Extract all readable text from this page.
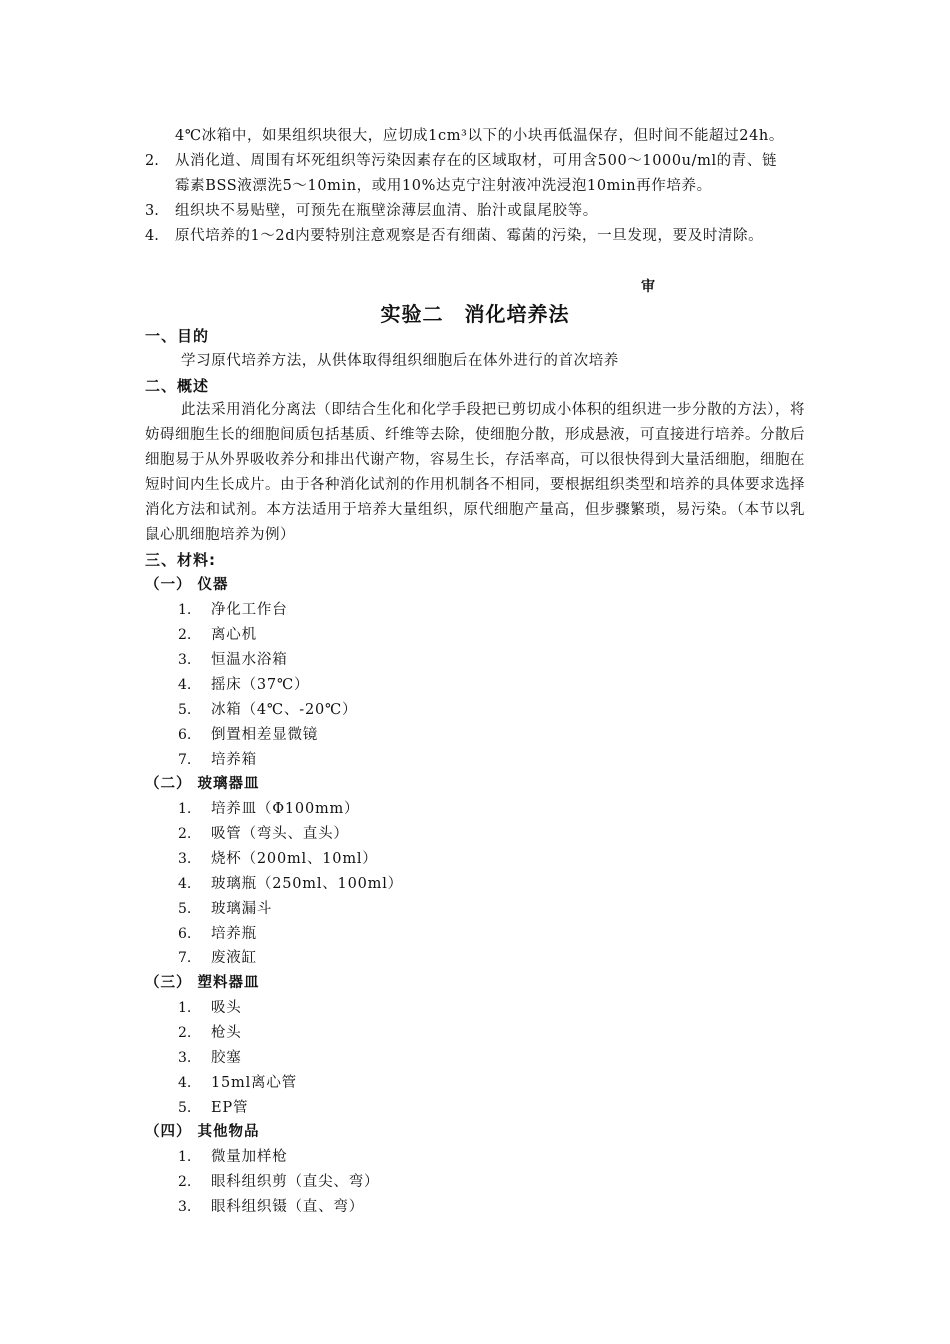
4℃冰箱中，如果组织块很大，应切成1cm³以下的小块再低温保存，但时间不能超过24h。
2. 从消化道、周围有坏死组织等污染因素存在的区域取材，可用含500～1000u/ml的青、链
霉素BSS液漂洗5～10min，或用10%达克宁注射液冲洗浸泡10min再作培养。
3. 组织块不易贴壁，可预先在瓶壁涂薄层血清、胎汁或鼠尾胶等。
4. 原代培养的1～2d内要特别注意观察是否有细菌、霉菌的污染，一旦发现，要及时清除。
审
实验二　消化培养法
一、目的
学习原代培养方法，从供体取得组织细胞后在体外进行的首次培养
二、概述
此法采用消化分离法（即结合生化和化学手段把已剪切成小体积的组织进一步分散的方法），将妨碍细胞生长的细胞间质包括基质、纤维等去除，使细胞分散，形成悬液，可直接进行培养。分散后细胞易于从外界吸收养分和排出代谢产物，容易生长，存活率高，可以很快得到大量活细胞，细胞在短时间内生长成片。由于各种消化试剂的作用机制各不相同，要根据组织类型和培养的具体要求选择消化方法和试剂。本方法适用于培养大量组织，原代细胞产量高，但步骤繁琐，易污染。（本节以乳鼠心肌细胞培养为例）
三、材料:
（一） 仪器
1. 净化工作台
2. 离心机
3. 恒温水浴箱
4. 摇床（37℃）
5. 冰箱（4℃、-20℃）
6. 倒置相差显微镜
7. 培养箱
（二） 玻璃器皿
1. 培养皿（Φ100mm）
2. 吸管（弯头、直头）
3. 烧杯（200ml、10ml）
4. 玻璃瓶（250ml、100ml）
5. 玻璃漏斗
6. 培养瓶
7. 废液缸
（三） 塑料器皿
1. 吸头
2. 枪头
3. 胶塞
4. 15ml离心管
5. EP管
（四） 其他物品
1. 微量加样枪
2. 眼科组织剪（直尖、弯）
3. 眼科组织镊（直、弯）
